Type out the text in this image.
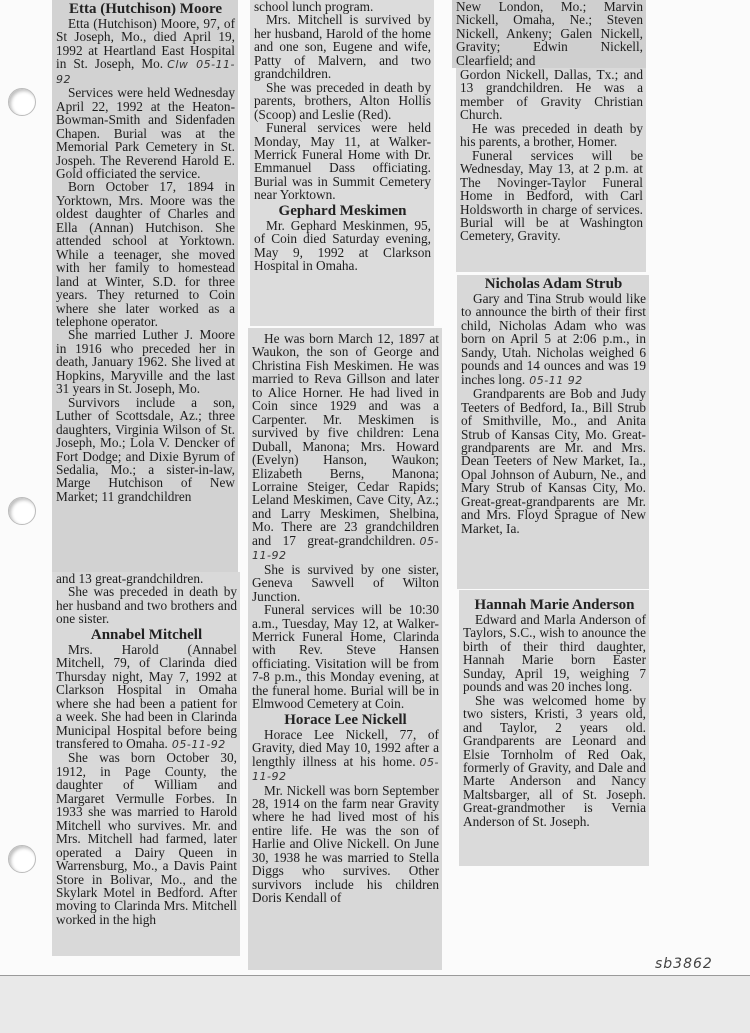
Etta (Hutchison) Moore

Etta (Hutchison) Moore, 97, of St Joseph, Mo., died April 19, 1992 at Heartland East Hospital in St. Joseph, Mo. Clw 05-11-92

Services were held Wednesday April 22, 1992 at the Heaton-Bowman-Smith and Sidenfaden Chapen. Burial was at the Memorial Park Cemetery in St. Jospeh. The Reverend Harold E. Gold officiated the service.

Born October 17, 1894 in Yorktown, Mrs. Moore was the oldest daughter of Charles and Ella (Annan) Hutchison. She attended school at Yorktown. While a teenager, she moved with her family to homestead land at Winter, S.D. for three years. They returned to Coin where she later worked as a telephone operator.

She married Luther J. Moore in 1916 who preceded her in death, January 1962. She lived at Hopkins, Maryville and the last 31 years in St. Joseph, Mo.

Survivors include a son, Luther of Scottsdale, Az.; three daughters, Virginia Wilson of St. Joseph, Mo.; Lola V. Dencker of Fort Dodge; and Dixie Byrum of Sedalia, Mo.; a sister-in-law, Marge Hutchison of New Market; 11 grandchildren

and 13 great-grandchildren.

She was preceded in death by her husband and two brothers and one sister.

Annabel Mitchell

Mrs. Harold (Annabel Mitchell, 79, of Clarinda died Thursday night, May 7, 1992 at Clarkson Hospital in Omaha where she had been a patient for a week. She had been in Clarinda Municipal Hospital before being transfered to Omaha. 05-11-92

She was born October 30, 1912, in Page County, the daughter of William and Margaret Vermulle Forbes. In 1933 she was married to Harold Mitchell who survives. Mr. and Mrs. Mitchell had farmed, later operated a Dairy Queen in Warrensburg, Mo., a Davis Paint Store in Bolivar, Mo., and the Skylark Motel in Bedford. After moving to Clarinda Mrs. Mitchell worked in the high

school lunch program.

Mrs. Mitchell is survived by her husband, Harold of the home and one son, Eugene and wife, Patty of Malvern, and two grandchildren.

She was preceded in death by parents, brothers, Alton Hollis (Scoop) and Leslie (Red).

Funeral services were held Monday, May 11, at Walker-Merrick Funeral Home with Dr. Emmanuel Dass officiating. Burial was in Summit Cemetery near Yorktown.

Gephard Meskimen

Mr. Gephard Meskinmen, 95, of Coin died Saturday evening, May 9, 1992 at Clarkson Hospital in Omaha.

He was born March 12, 1897 at Waukon, the son of George and Christina Fish Meskimen. He was married to Reva Gillson and later to Alice Horner. He had lived in Coin since 1929 and was a Carpenter. Mr. Meskimen is survived by five children: Lena Duball, Manona; Mrs. Howard (Evelyn) Hanson, Waukon; Elizabeth Berns, Manona; Lorraine Steiger, Cedar Rapids; Leland Meskimen, Cave City, Az.; and Larry Meskimen, Shelbina, Mo. There are 23 grandchildren and 17 great-grandchildren. 05-11-92

She is survived by one sister, Geneva Sawvell of Wilton Junction.

Funeral services will be 10:30 a.m., Tuesday, May 12, at Walker-Merrick Funeral Home, Clarinda with Rev. Steve Hansen officiating. Visitation will be from 7-8 p.m., this Monday evening, at the funeral home. Burial will be in Elmwood Cemetery at Coin.

Horace Lee Nickell

Horace Lee Nickell, 77, of Gravity, died May 10, 1992 after a lengthly illness at his home. 05-11-92

Mr. Nickell was born September 28, 1914 on the farm near Gravity where he had lived most of his entire life. He was the son of Harlie and Olive Nickell. On June 30, 1938 he was married to Stella Diggs who survives. Other survivors include his children Doris Kendall of

New London, Mo.; Marvin Nickell, Omaha, Ne.; Steven Nickell, Ankeny; Galen Nickell, Gravity; Edwin Nickell, Clearfield; and

Gordon Nickell, Dallas, Tx.; and 13 grandchildren. He was a member of Gravity Christian Church.

He was preceded in death by his parents, a brother, Homer.

Funeral services will be Wednesday, May 13, at 2 p.m. at The Novinger-Taylor Funeral Home in Bedford, with Carl Holdsworth in charge of services. Burial will be at Washington Cemetery, Gravity.

Nicholas Adam Strub

Gary and Tina Strub would like to announce the birth of their first child, Nicholas Adam who was born on April 5 at 2:06 p.m., in Sandy, Utah. Nicholas weighed 6 pounds and 14 ounces and was 19 inches long. 05-11 92

Grandparents are Bob and Judy Teeters of Bedford, Ia., Bill Strub of Smithville, Mo., and Anita Strub of Kansas City, Mo. Great-grandparents are Mr. and Mrs. Dean Teeters of New Market, Ia., Opal Johnson of Auburn, Ne., and Mary Strub of Kansas City, Mo. Great-great-grandparents are Mr. and Mrs. Floyd Sprague of New Market, Ia.

Hannah Marie Anderson

Edward and Marla Anderson of Taylors, S.C., wish to anounce the birth of their third daughter, Hannah Marie born Easter Sunday, April 19, weighing 7 pounds and was 20 inches long.

She was welcomed home by two sisters, Kristi, 3 years old, and Taylor, 2 years old. Grandparents are Leonard and Elsie Tornholm of Red Oak, formerly of Gravity, and Dale and Marte Anderson and Nancy Maltsbarger, all of St. Joseph. Great-grandmother is Vernia Anderson of St. Joseph.

sb3862
